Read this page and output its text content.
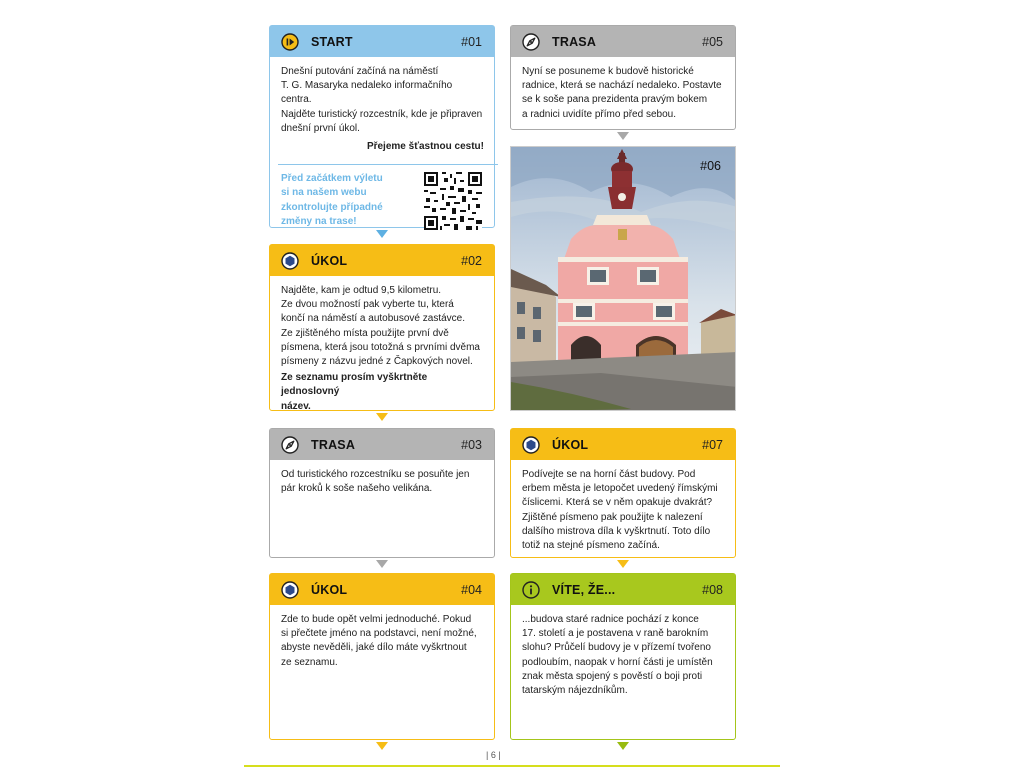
START	#01

Dnešní putování začíná na náměstí

T. G. Masaryka nedaleko informačního centra.

Najděte turistický rozcestník, kde je připraven

dnešní první úkol.

Přejeme šťastnou cestu!

Před začátkem výletu

si na našem webu

zkontrolujte případné

změny na trase!

ÚKOL	#02

Najděte, kam je odtud 9,5 kilometru.

Ze dvou možností pak vyberte tu, která

končí na náměstí a autobusové zastávce.

Ze zjištěného místa použijte první dvě

písmena, která jsou totožná s prvními dvěma

písmeny z názvu jedné z Čapkových novel.

Ze seznamu prosím vyškrtněte jednoslovný

název.

TRASA	#03

Od turistického rozcestníku se posuňte jen

pár kroků k soše našeho velikána.

ÚKOL	#04

Zde to bude opět velmi jednoduché. Pokud

si přečtete jméno na podstavci, není možné,

abyste nevěděli, jaké dílo máte vyškrtnout

ze seznamu.

TRASA	#05

Nyní se posuneme k budově historické

radnice, která se nachází nedaleko. Postavte

se k soše pana prezidenta pravým bokem

a radnici uvidíte přímo před sebou.

#06
ÚKOL	#07

Podívejte se na horní část budovy. Pod

erbem města je letopočet uvedený římskými

číslicemi. Která se v něm opakuje dvakrát?

Zjištěné písmeno pak použijte k nalezení

dalšího mistrova díla k vyškrtnutí. Toto dílo

totiž na stejné písmeno začíná.

VÍTE, ŽE...	#08

...budova staré radnice pochází z konce

17. století a je postavena v raně barokním

slohu? Průčelí budovy je v přízemí tvořeno

podloubím, naopak v horní části je umístěn

znak města spojený s pověstí o boji proti

tatarským nájezdníkům.

| 6 |
